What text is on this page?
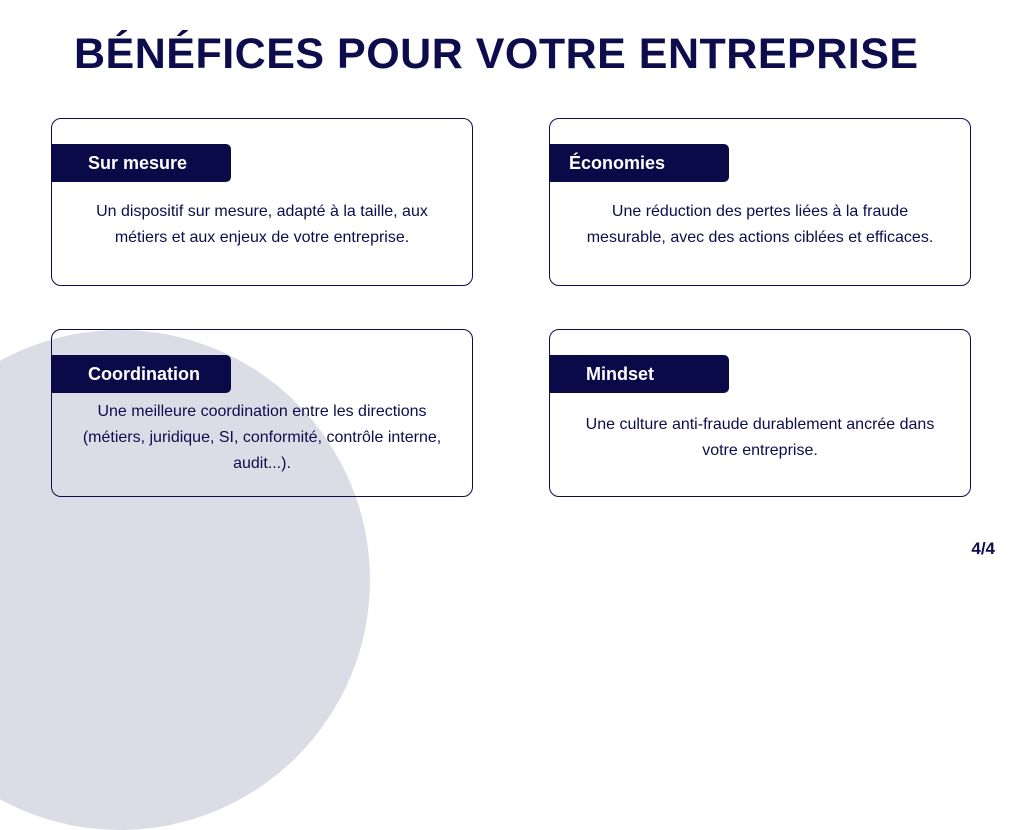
BÉNÉFICES POUR VOTRE ENTREPRISE
Sur mesure

Un dispositif sur mesure, adapté à la taille, aux métiers et aux enjeux de votre entreprise.

Économies

Une réduction des pertes liées à la fraude mesurable, avec des actions ciblées et efficaces.

Coordination

Une meilleure coordination entre les directions (métiers, juridique, SI, conformité, contrôle interne, audit...).

Mindset

Une culture anti-fraude durablement ancrée dans votre entreprise.

4/4
